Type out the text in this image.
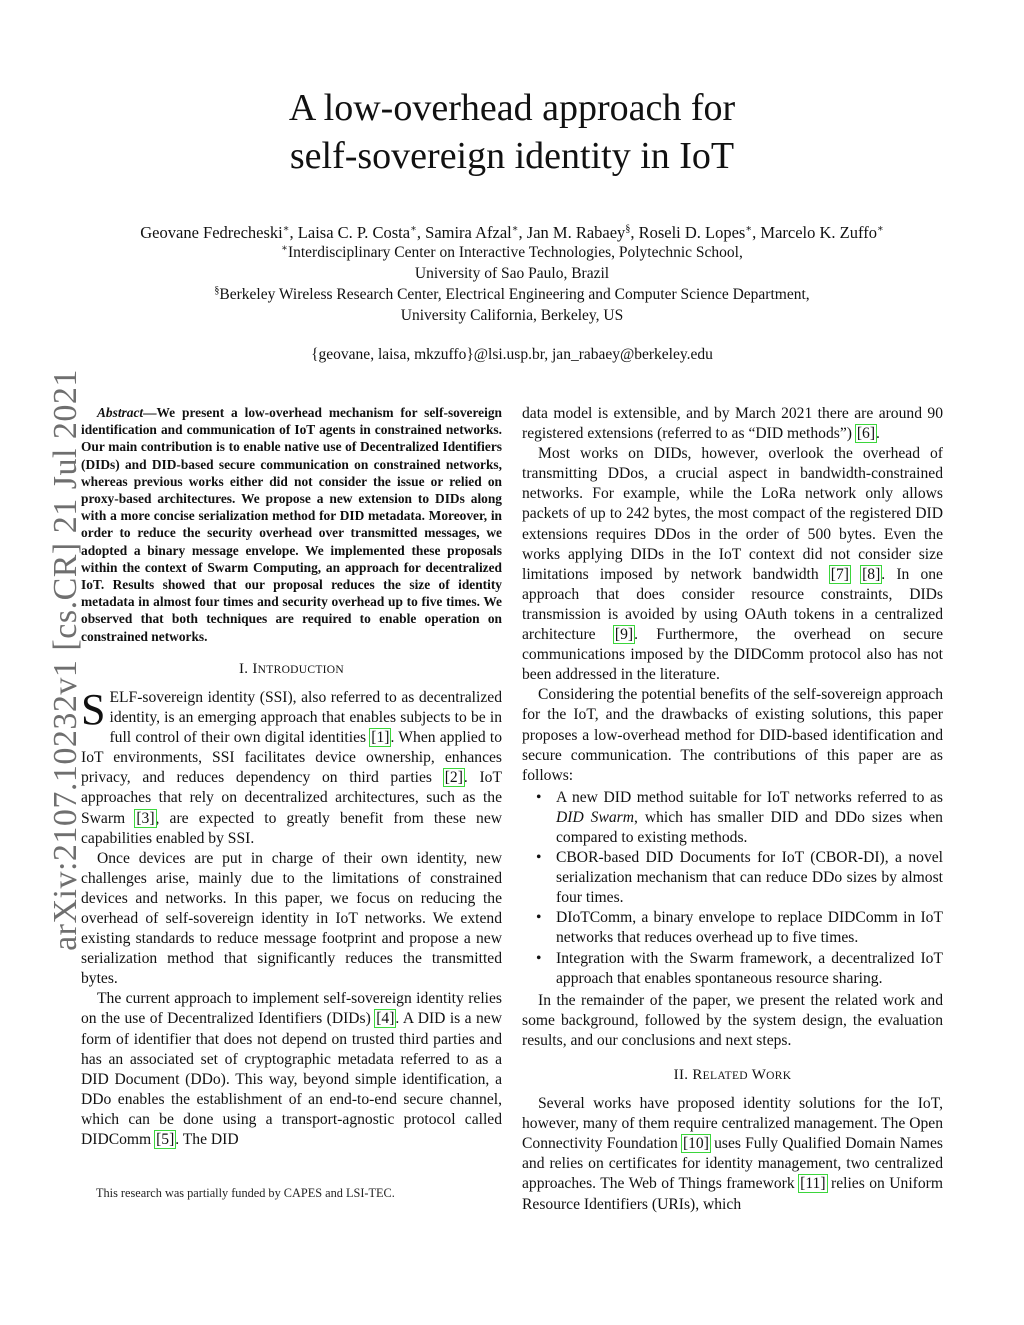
arXiv:2107.10232v1 [cs.CR] 21 Jul 2021
A low-overhead approach for
self-sovereign identity in IoT
Geovane Fedrecheski∗, Laisa C. P. Costa∗, Samira Afzal∗, Jan M. Rabaey§, Roseli D. Lopes∗, Marcelo K. Zuffo∗
∗Interdisciplinary Center on Interactive Technologies, Polytechnic School,
University of Sao Paulo, Brazil
§Berkeley Wireless Research Center, Electrical Engineering and Computer Science Department,
University California, Berkeley, US
{geovane, laisa, mkzuffo}@lsi.usp.br, jan_rabaey@berkeley.edu

Abstract—We present a low-overhead mechanism for self-sovereign identification and communication of IoT agents in constrained networks. Our main contribution is to enable native use of Decentralized Identifiers (DIDs) and DID-based secure communication on constrained networks, whereas previous works either did not consider the issue or relied on proxy-based architectures. We propose a new extension to DIDs along with a more concise serialization method for DID metadata. Moreover, in order to reduce the security overhead over transmitted messages, we adopted a binary message envelope. We implemented these proposals within the context of Swarm Computing, an approach for decentralized IoT. Results showed that our proposal reduces the size of identity metadata in almost four times and security overhead up to five times. We observed that both techniques are required to enable operation on constrained networks.

I. INTRODUCTION

SELF-sovereign identity (SSI), also referred to as decentralized identity, is an emerging approach that enables subjects to be in full control of their own digital identities [1]. When applied to IoT environments, SSI facilitates device ownership, enhances privacy, and reduces dependency on third parties [2]. IoT approaches that rely on decentralized architectures, such as the Swarm [3], are expected to greatly benefit from these new capabilities enabled by SSI.

Once devices are put in charge of their own identity, new challenges arise, mainly due to the limitations of constrained devices and networks. In this paper, we focus on reducing the overhead of self-sovereign identity in IoT networks. We extend existing standards to reduce message footprint and propose a new serialization method that significantly reduces the transmitted bytes.

The current approach to implement self-sovereign identity relies on the use of Decentralized Identifiers (DIDs) [4]. A DID is a new form of identifier that does not depend on trusted third parties and has an associated set of cryptographic metadata referred to as a DID Document (DDo). This way, beyond simple identification, a DDo enables the establishment of an end-to-end secure channel, which can be done using a transport-agnostic protocol called DIDComm [5]. The DID

This research was partially funded by CAPES and LSI-TEC.

data model is extensible, and by March 2021 there are around 90 registered extensions (referred to as “DID methods”) [6].

Most works on DIDs, however, overlook the overhead of transmitting DDos, a crucial aspect in bandwidth-constrained networks. For example, while the LoRa network only allows packets of up to 242 bytes, the most compact of the registered DID extensions requires DDos in the order of 500 bytes. Even the works applying DIDs in the IoT context did not consider size limitations imposed by network bandwidth [7] [8]. In one approach that does consider resource constraints, DIDs transmission is avoided by using OAuth tokens in a centralized architecture [9]. Furthermore, the overhead on secure communications imposed by the DIDComm protocol also has not been addressed in the literature.

Considering the potential benefits of the self-sovereign approach for the IoT, and the drawbacks of existing solutions, this paper proposes a low-overhead method for DID-based identification and secure communication. The contributions of this paper are as follows:

• A new DID method suitable for IoT networks referred to as DID Swarm, which has smaller DID and DDo sizes when compared to existing methods.
• CBOR-based DID Documents for IoT (CBOR-DI), a novel serialization mechanism that can reduce DDo sizes by almost four times.
• DIoTComm, a binary envelope to replace DIDComm in IoT networks that reduces overhead up to five times.
• Integration with the Swarm framework, a decentralized IoT approach that enables spontaneous resource sharing.

In the remainder of the paper, we present the related work and some background, followed by the system design, the evaluation results, and our conclusions and next steps.

II. RELATED WORK

Several works have proposed identity solutions for the IoT, however, many of them require centralized management. The Open Connectivity Foundation [10] uses Fully Qualified Domain Names and relies on certificates for identity management, two centralized approaches. The Web of Things framework [11] relies on Uniform Resource Identifiers (URIs), which
